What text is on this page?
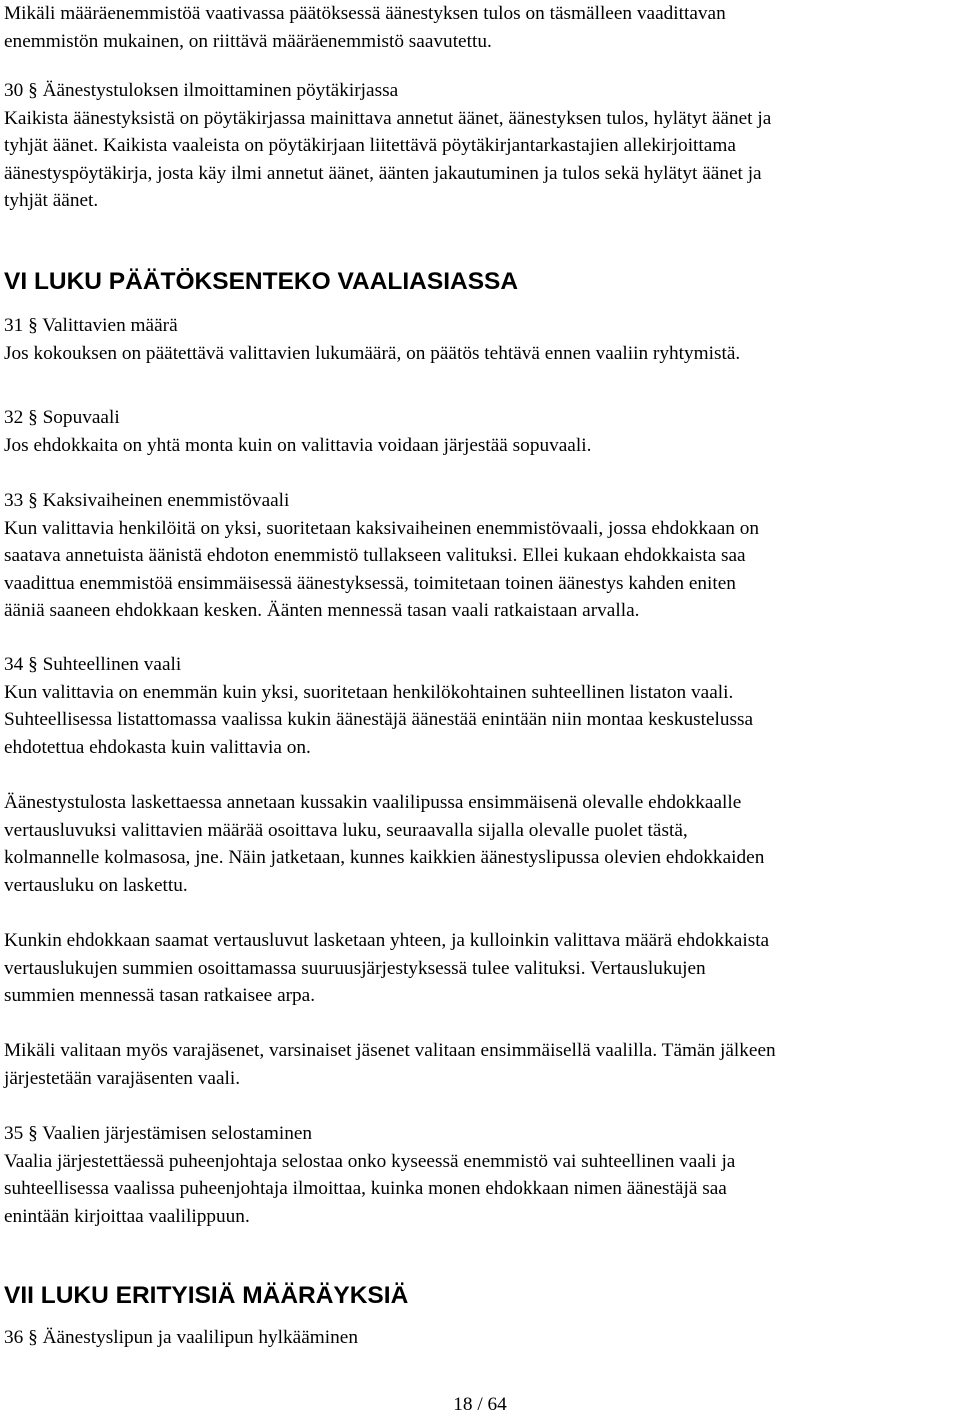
Mikäli määräenemmistöä vaativassa päätöksessä äänestyksen tulos on täsmälleen vaadittavan
enemmistön mukainen, on riittävä määräenemmistö saavutettu.
30 § Äänestystuloksen ilmoittaminen pöytäkirjassa
Kaikista äänestyksistä on pöytäkirjassa mainittava annetut äänet, äänestyksen tulos, hylätyt äänet ja
tyhjät äänet. Kaikista vaaleista on pöytäkirjaan liitettävä pöytäkirjantarkastajien allekirjoittama
äänestyspöytäkirja, josta käy ilmi annetut äänet, äänten jakautuminen ja tulos sekä hylätyt äänet ja
tyhjät äänet.
VI LUKU PÄÄTÖKSENTEKO VAALIASIASSA
31 § Valittavien määrä
Jos kokouksen on päätettävä valittavien lukumäärä, on päätös tehtävä ennen vaaliin ryhtymistä.
32 § Sopuvaali
Jos ehdokkaita on yhtä monta kuin on valittavia voidaan järjestää sopuvaali.
33 § Kaksivaiheinen enemmistövaali
Kun valittavia henkilöitä on yksi, suoritetaan kaksivaiheinen enemmistövaali, jossa ehdokkaan on
saatava annetuista äänistä ehdoton enemmistö tullakseen valituksi. Ellei kukaan ehdokkaista saa
vaadittua enemmistöä ensimmäisessä äänestyksessä, toimitetaan toinen äänestys kahden eniten
ääniä saaneen ehdokkaan kesken. Äänten mennessä tasan vaali ratkaistaan arvalla.
34 § Suhteellinen vaali
Kun valittavia on enemmän kuin yksi, suoritetaan henkilökohtainen suhteellinen listaton vaali.
Suhteellisessa listattomassa vaalissa kukin äänestäjä äänestää enintään niin montaa keskustelussa
ehdotettua ehdokasta kuin valittavia on.
Äänestystulosta laskettaessa annetaan kussakin vaalilipussa ensimmäisenä olevalle ehdokkaalle
vertausluvuksi valittavien määrää osoittava luku, seuraavalla sijalla olevalle puolet tästä,
kolmannelle kolmasosa, jne. Näin jatketaan, kunnes kaikkien äänestyslipussa olevien ehdokkaiden
vertausluku on laskettu.
Kunkin ehdokkaan saamat vertausluvut lasketaan yhteen, ja kulloinkin valittava määrä ehdokkaista
vertauslukujen summien osoittamassa suuruusjärjestyksessä tulee valituksi. Vertauslukujen
summien mennessä tasan ratkaisee arpa.
Mikäli valitaan myös varajäsenet, varsinaiset jäsenet valitaan ensimmäisellä vaalilla. Tämän jälkeen
järjestetään varajäsenten vaali.
35 § Vaalien järjestämisen selostaminen
Vaalia järjestettäessä puheenjohtaja selostaa onko kyseessä enemmistö vai suhteellinen vaali ja
suhteellisessa vaalissa puheenjohtaja ilmoittaa, kuinka monen ehdokkaan nimen äänestäjä saa
enintään kirjoittaa vaalilippuun.
VII LUKU ERITYISIÄ MÄÄRÄYKSIÄ
36 § Äänestyslipun ja vaalilipun hylkääminen
18 / 64
